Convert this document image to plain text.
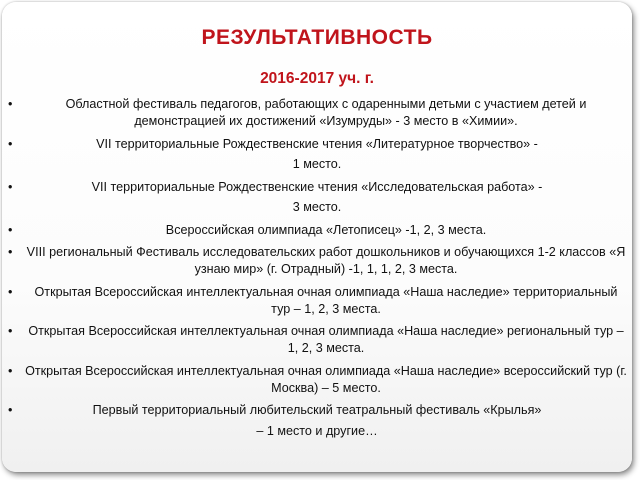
РЕЗУЛЬТАТИВНОСТЬ
2016-2017 уч. г.
• Областной фестиваль педагогов, работающих с одаренными детьми с участием детей и демонстрацией их достижений «Изумруды» - 3 место в «Химии».
• VII территориальные Рождественские чтения «Литературное творчество» -
1 место.
• VII территориальные Рождественские чтения «Исследовательская работа» -
3 место.
• Всероссийская олимпиада «Летописец» -1, 2, 3 места.
• VIII региональный Фестиваль исследовательских работ дошкольников и обучающихся 1-2 классов «Я узнаю мир» (г. Отрадный) -1, 1, 1, 2, 3 места.
• Открытая Всероссийская интеллектуальная очная олимпиада «Наша наследие» территориальный тур – 1, 2, 3 места.
• Открытая Всероссийская интеллектуальная очная олимпиада «Наша наследие» региональный тур – 1, 2, 3 места.
• Открытая Всероссийская интеллектуальная очная олимпиада «Наша наследие» всероссийский тур (г. Москва) – 5 место.
• Первый территориальный любительский театральный фестиваль «Крылья»
– 1 место и другие…
